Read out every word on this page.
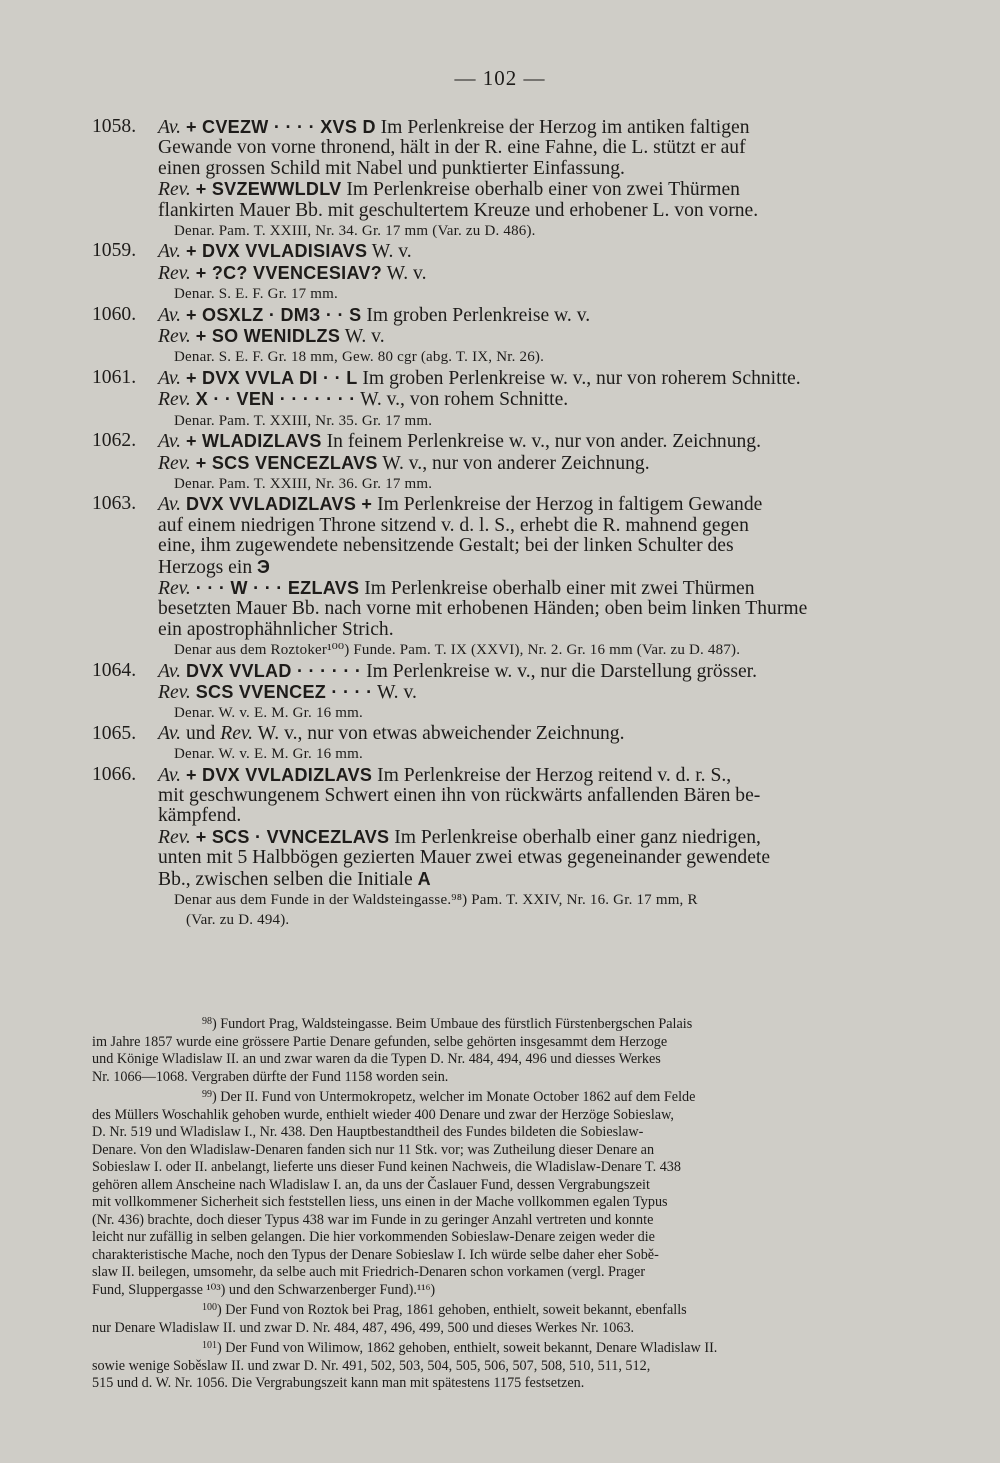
— 102 —
1058. Av. + CVEZW · · · · XVS D Im Perlenkreise der Herzog im antiken faltigen
Gewande von vorne thronend, hält in der R. eine Fahne, die L. stützt er auf
einen grossen Schild mit Nabel und punktierter Einfassung.
Rev. + SVZEWWLDLV Im Perlenkreise oberhalb einer von zwei Thürmen
flankirten Mauer Bb. mit geschultertem Kreuze und erhobener L. von vorne.
Denar. Pam. T. XXIII, Nr. 34. Gr. 17 mm (Var. zu D. 486).
1059. Av. + DVX VVLADISIAVS W. v.
Rev. + ?C? VVENCESIAV? W. v.
Denar. S. E. F. Gr. 17 mm.
1060. Av. + ОSXLZ · DMЗ · · S Im groben Perlenkreise w. v.
Rev. + SО WENIDLZS W. v.
Denar. S. E. F. Gr. 18 mm, Gew. 80 cgr (abg. T. IX, Nr. 26).
1061. Av. + DVX VVLA DI · · L Im groben Perlenkreise w. v., nur von roherem Schnitte.
Rev. X · · VEN · · · · · · · W. v., von rohem Schnitte.
Denar. Pam. T. XXIII, Nr. 35. Gr. 17 mm.
1062. Av. + WLADIZLAVS In feinem Perlenkreise w. v., nur von ander. Zeichnung.
Rev. + SCS VENCEZLAVS W. v., nur von anderer Zeichnung.
Denar. Pam. T. XXIII, Nr. 36. Gr. 17 mm.
1063. Av. DVX VVLADIZLAVS + Im Perlenkreise der Herzog in faltigem Gewande
auf einem niedrigen Throne sitzend v. d. l. S., erhebt die R. mahnend gegen
eine, ihm zugewendete nebensitzende Gestalt; bei der linken Schulter des
Herzogs ein Э
Rev. · · · W · · · EZLAVS Im Perlenkreise oberhalb einer mit zwei Thürmen
besetzten Mauer Bb. nach vorne mit erhobenen Händen; oben beim linken Thurme
ein apostrophähnlicher Strich.
Denar aus dem Roztoker¹⁰⁰) Funde. Pam. T. IX (XXVI), Nr. 2. Gr. 16 mm (Var. zu D. 487).
1064. Av. DVX VVLAD · · · · · · Im Perlenkreise w. v., nur die Darstellung grösser.
Rev. SCS VVENCEZ · · · · W. v.
Denar. W. v. E. M. Gr. 16 mm.
1065. Av. und Rev. W. v., nur von etwas abweichender Zeichnung.
Denar. W. v. E. M. Gr. 16 mm.
1066. Av. + DVX VVLADIZLAVS Im Perlenkreise der Herzog reitend v. d. r. S.,
mit geschwungenem Schwert einen ihn von rückwärts anfallenden Bären be-
kämpfend.
Rev. + SCS · VVNCEZLAVS Im Perlenkreise oberhalb einer ganz niedrigen,
unten mit 5 Halbbögen gezierten Mauer zwei etwas gegeneinander gewendete
Bb., zwischen selben die Initiale A
Denar aus dem Funde in der Waldsteingasse.⁹⁸) Pam. T. XXIV, Nr. 16. Gr. 17 mm, R
(Var. zu D. 494).
$^{98}$) Fundort Prag, Waldsteingasse. Beim Umbaue des fürstlich Fürstenbergschen Palais
im Jahre 1857 wurde eine grössere Partie Denare gefunden, selbe gehörten insgesammt dem Herzoge
und Könige Wladislaw II. an und zwar waren da die Typen D. Nr. 484, 494, 496 und diesses Werkes
Nr. 1066—1068. Vergraben dürfte der Fund 1158 worden sein.
$^{99}$) Der II. Fund von Untermokropetz, welcher im Monate October 1862 auf dem Felde
des Müllers Woschahlik gehoben wurde, enthielt wieder 400 Denare und zwar der Herzöge Sobieslaw,
D. Nr. 519 und Wladislaw I., Nr. 438. Den Hauptbestandtheil des Fundes bildeten die Sobieslaw-
Denare. Von den Wladislaw-Denaren fanden sich nur 11 Stk. vor; was Zutheilung dieser Denare an
Sobieslaw I. oder II. anbelangt, lieferte uns dieser Fund keinen Nachweis, die Wladislaw-Denare T. 438
gehören allem Anscheine nach Wladislaw I. an, da uns der Časlauer Fund, dessen Vergrabungszeit
mit vollkommener Sicherheit sich feststellen liess, uns einen in der Mache vollkommen egalen Typus
(Nr. 436) brachte, doch dieser Typus 438 war im Funde in zu geringer Anzahl vertreten und konnte
leicht nur zufällig in selben gelangen. Die hier vorkommenden Sobieslaw-Denare zeigen weder die
charakteristische Mache, noch den Typus der Denare Sobieslaw I. Ich würde selbe daher eher Sobě-
slaw II. beilegen, umsomehr, da selbe auch mit Friedrich-Denaren schon vorkamen (vergl. Prager
Fund, Sluppergasse ¹⁰³) und den Schwarzenberger Fund).¹¹⁶)
$^{100}$) Der Fund von Roztok bei Prag, 1861 gehoben, enthielt, soweit bekannt, ebenfalls
nur Denare Wladislaw II. und zwar D. Nr. 484, 487, 496, 499, 500 und dieses Werkes Nr. 1063.
$^{101}$) Der Fund von Wilimow, 1862 gehoben, enthielt, soweit bekannt, Denare Wladislaw II.
sowie wenige Soběslaw II. und zwar D. Nr. 491, 502, 503, 504, 505, 506, 507, 508, 510, 511, 512,
515 und d. W. Nr. 1056. Die Vergrabungszeit kann man mit spätestens 1175 festsetzen.
